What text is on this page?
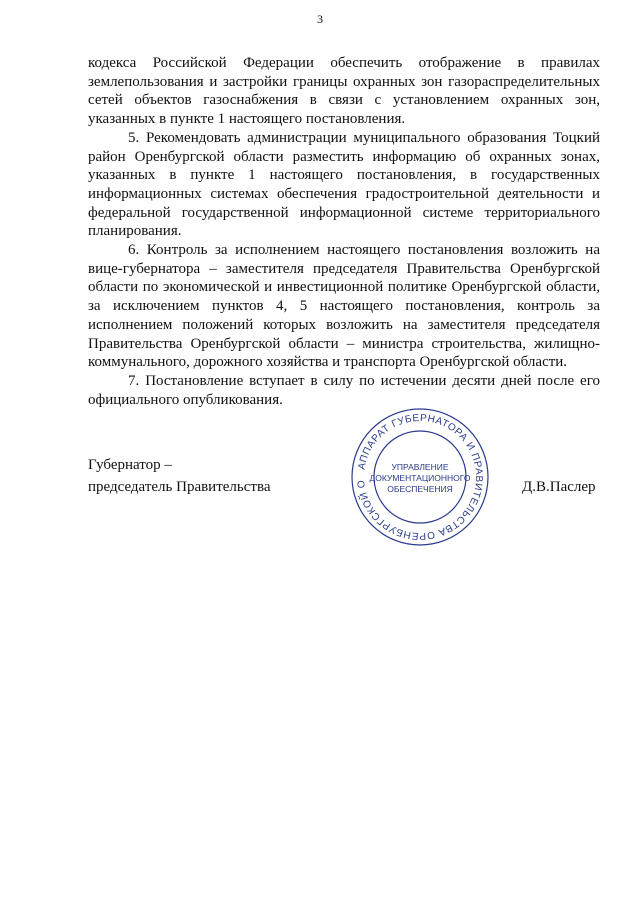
3

кодекса Российской Федерации обеспечить отображение в правилах землепользования и застройки границы охранных зон газораспределительных сетей объектов газоснабжения в связи с установлением охранных зон, указанных в пункте 1 настоящего постановления.

5. Рекомендовать администрации муниципального образования Тоцкий район Оренбургской области разместить информацию об охранных зонах, указанных в пункте 1 настоящего постановления, в государственных информационных системах обеспечения градостроительной деятельности и федеральной государственной информационной системе территориального планирования.

6. Контроль за исполнением настоящего постановления возложить на вице-губернатора – заместителя председателя Правительства Оренбургской области по экономической и инвестиционной политике Оренбургской области, за исключением пунктов 4, 5 настоящего постановления, контроль за исполнением положений которых возложить на заместителя председателя Правительства Оренбургской области – министра строительства, жилищно-коммунального, дорожного хозяйства и транспорта Оренбургской области.

7. Постановление вступает в силу по истечении десяти дней после его официального опубликования.

Губернатор –
председатель Правительства	Д.В.Паслер
АППАРАТ ГУБЕРНАТОРА И ПРАВИТЕЛЬСТВА ОРЕНБУРГСКОЙ О
УПРАВЛЕНИЕ
ДОКУМЕНТАЦИОННОГО
ОБЕСПЕЧЕНИЯ
